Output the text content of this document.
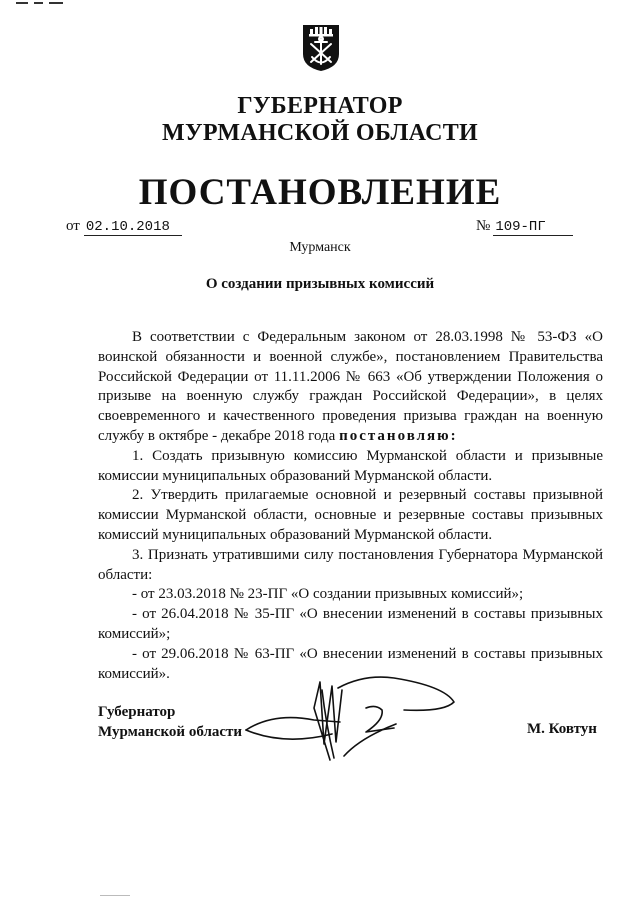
ГУБЕРНАТОР
МУРМАНСКОЙ ОБЛАСТИ
ПОСТАНОВЛЕНИЕ
от 02.10.2018	№ 109-ПГ
Мурманск
О создании призывных комиссий

В соответствии с Федеральным законом от 28.03.1998 № 53-ФЗ «О воинской обязанности и военной службе», постановлением Правительства Российской Федерации от 11.11.2006 № 663 «Об утверждении Положения о призыве на военную службу граждан Российской Федерации», в целях своевременного и качественного проведения призыва граждан на военную службу в октябре - декабре 2018 года постановляю:

1. Создать призывную комиссию Мурманской области и призывные комиссии муниципальных образований Мурманской области.

2. Утвердить прилагаемые основной и резервный составы призывной комиссии Мурманской области, основные и резервные составы призывных комиссий муниципальных образований Мурманской области.

3. Признать утратившими силу постановления Губернатора Мурманской области:

- от 23.03.2018 № 23-ПГ «О создании призывных комиссий»;

- от 26.04.2018 № 35-ПГ «О внесении изменений в составы призывных комиссий»;

- от 29.06.2018 № 63-ПГ «О внесении изменений в составы призывных комиссий».

Губернатор
Мурманской области	М. Ковтун
